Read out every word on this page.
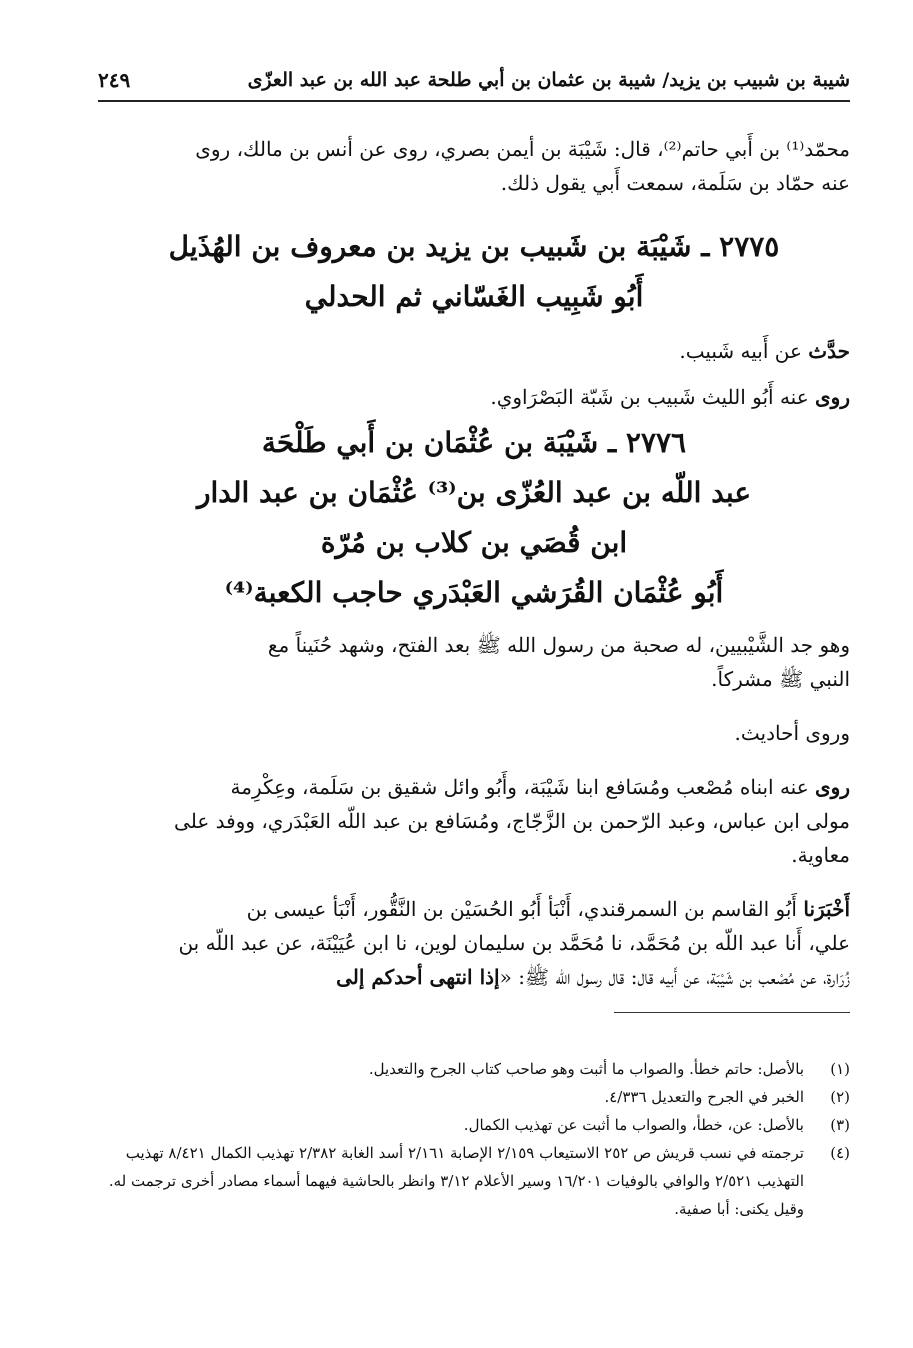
شيبة بن شبيب بن يزيد/ شيبة بن عثمان بن أبي طلحة عبد الله بن عبد العزّى
٢٤٩
محمّد⁽¹⁾ بن أَبي حاتم⁽²⁾، قال: شَيْبَة بن أيمن بصري، روى عن أنس بن مالك، روى
عنه حمّاد بن سَلَمة، سمعت أَبي يقول ذلك.
٢٧٧٥ ـ شَيْبَة بن شَبيب بن يزيد بن معروف بن الهُذَيل
أَبُو شَبِيب الغَسّاني ثم الحدلي
حدَّث عن أَبيه شَبيب.
روى عنه أَبُو الليث شَبيب بن شَبّة البَصْرَاوي.
٢٧٧٦ ـ شَيْبَة بن عُثْمَان بن أَبي طَلْحَة
عبد اللّه بن عبد العُزّى بن⁽³⁾ عُثْمَان بن عبد الدار
ابن قُصَي بن كلاب بن مُرّة
أَبُو عُثْمَان القُرَشي العَبْدَري حاجب الكعبة⁽⁴⁾
وهو جد الشَّيْبيين، له صحبة من رسول الله ﷺ بعد الفتح، وشهد حُنَيناً مع
النبي ﷺ مشركاً.
وروى أحاديث.
روى عنه ابناه مُصْعب ومُسَافع ابنا شَيْبَة، وأَبُو وائل شقيق بن سَلَمة، وعِكْرِمة
مولى ابن عباس، وعبد الرّحمن بن الزَّجّاج، ومُسَافع بن عبد اللّه العَبْدَري، ووفد على
معاوية.
أَخْبَرَنا أَبُو القاسم بن السمرقندي، أَنْبَأ أَبُو الحُسَيْن بن النَّقُّور، أَنْبَأ عيسى بن
علي، أَنا عبد اللّه بن مُحَمَّد، نا مُحَمَّد بن سليمان لوين، نا ابن عُيَيْنَة، عن عبد اللّه بن
زُرَارة، عن مُصْعب بن شَيْبَة، عن أَبيه قال: قال رسول الله ﷺ: «إذا انتهى أحدكم إلى
(١)
بالأصل: حاتم خطأ. والصواب ما أثبت وهو صاحب كتاب الجرح والتعديل.
(٢)
الخبر في الجرح والتعديل ٤/٣٣٦.
(٣)
بالأصل: عن، خطأ، والصواب ما أثبت عن تهذيب الكمال.
(٤)
ترجمته في نسب قريش ص ٢٥٢ الاستيعاب ٢/١٥٩ الإصابة ٢/١٦١ أسد الغابة ٢/٣٨٢ تهذيب الكمال ٨/٤٢١ تهذيب التهذيب ٢/٥٢١ والوافي بالوفيات ١٦/٢٠١ وسير الأعلام ٣/١٢ وانظر بالحاشية فيهما أسماء مصادر أخرى ترجمت له.
وقيل يكنى: أبا صفية.
